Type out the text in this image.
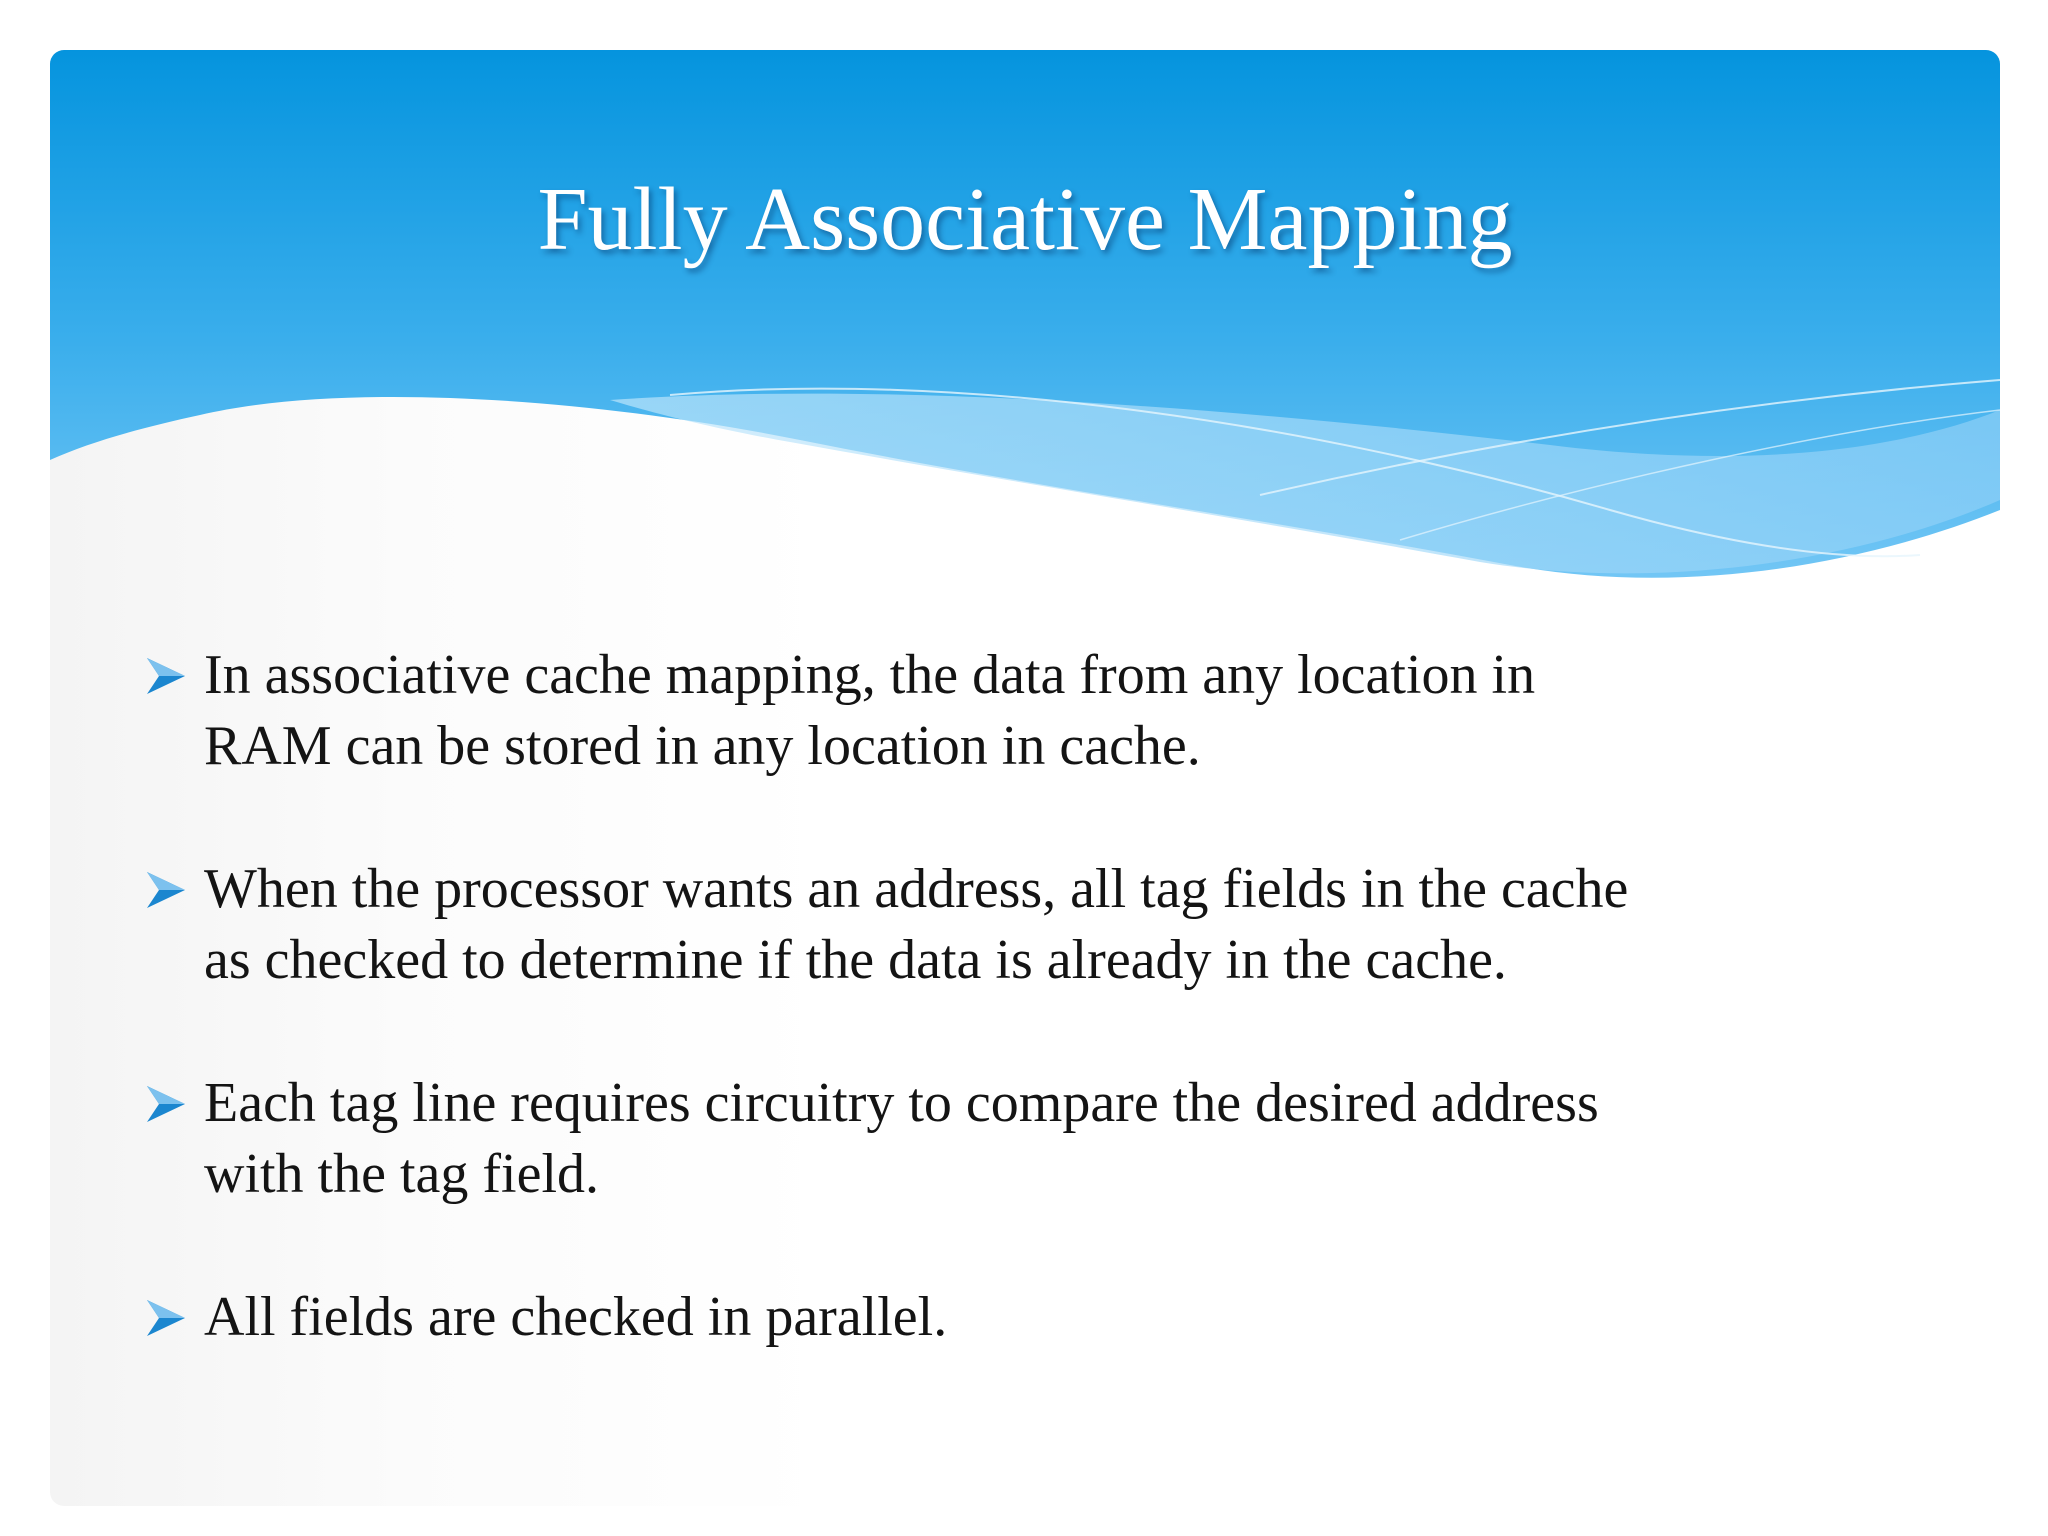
Fully Associative Mapping
In associative cache mapping, the data from any location in RAM can be stored in any location in cache.
When the processor wants an address, all tag fields in the cache as checked to determine if the data is already in the cache.
Each tag line requires circuitry to compare the desired address with the tag field.
All fields are checked in parallel.
